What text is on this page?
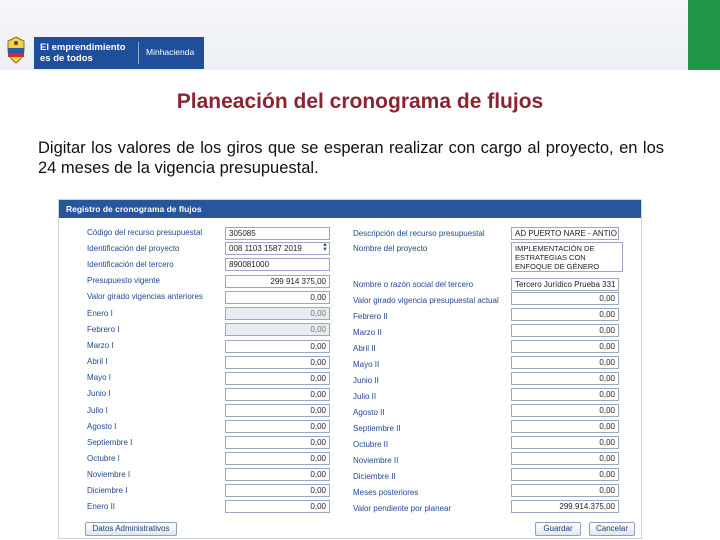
El emprendimiento
es de todos
Minhacienda
Planeación del cronograma de flujos
Digitar los valores de los giros que se esperan realizar con cargo al proyecto, en los 24 meses de la vigencia presupuestal.
Registro de cronograma de flujos
Código del recurso presupuestal	305085
Identificación del proyecto	008 1103 1587 2019	▲
▼
Identificación del tercero	890081000
Presupuesto vigente	299 914 375,00
Valor girado vigencias anteriores	0,00
Enero I	0,00
Febrero I	0,00
Marzo I	0,00
Abril I	0,00
Mayo I	0,00
Junio I	0,00
Julio I	0,00
Agosto I	0,00
Septiembre I	0,00
Octubre I	0,00
Noviembre I	0,00
Diciembre I	0,00
Enero II	0,00
Descripción del recurso presupuestal	AD PUERTO NARE - ANTIO
Nombre del proyecto	IMPLEMENTACIÓN DE ESTRATEGIAS CON ENFOQUE DE GÉNERO
Nombre o razón social del tercero	Tercero Jurídico Prueba 331
Valor girado vigencia presupuestal actual	0,00
Febrero II	0,00
Marzo II	0,00
Abril II	0,00
Mayo II	0,00
Junio II	0,00
Julio II	0,00
Agosto II	0,00
Septiembre II	0,00
Octubre II	0,00
Noviembre II	0,00
Diciembre II	0,00
Meses posteriores	0,00
Valor pendiente por planear	299.914.375,00
Datos Administrativos	Guardar	Cancelar
